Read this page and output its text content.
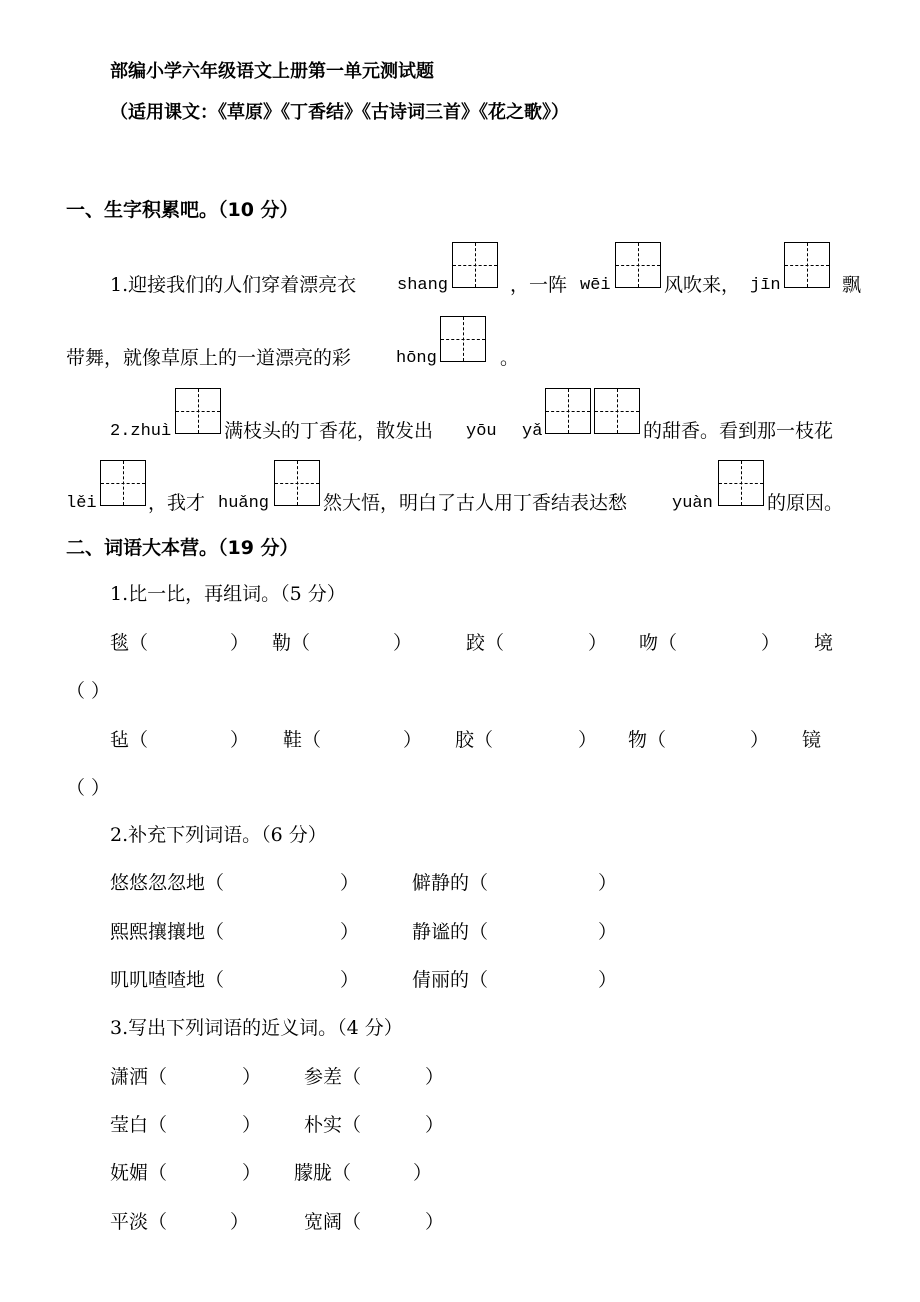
部编小学六年级语文上册第一单元测试题
（适用课文：《草原》《丁香结》《古诗词三首》《花之歌》）
一、生字积累吧。（10 分）
1.迎接我们的人们穿着漂亮衣 shang	，一阵 wēi	风吹来， jīn	飘
带舞，就像草原上的一道漂亮的彩	hōng	。
2.zhuì	满枝头的丁香花，散发出 yōu yǎ	的甜香。看到那一枝花
lěi	，我才 huǎng	然大悟，明白了古人用丁香结表达愁	yuàn	的原因。
二、词语大本营。（19 分）
1.比一比，再组词。（5 分）
毯（	） 勒（	）	跤（	） 吻（	） 境
（ ）
毡（	） 鞋（	） 胶（	） 物（	） 镜
（ ）
2.补充下列词语。（6 分）
悠悠忽忽地（	）	僻静的（	）
熙熙攘攘地（	）	静谧的（	）
叽叽喳喳地（	）	倩丽的（	）
3.写出下列词语的近义词。（4 分）
潇洒（	） 参差（	）
莹白（	） 朴实（	）
妩媚（	） 朦胧（	）
平淡（	）	宽阔（	）
